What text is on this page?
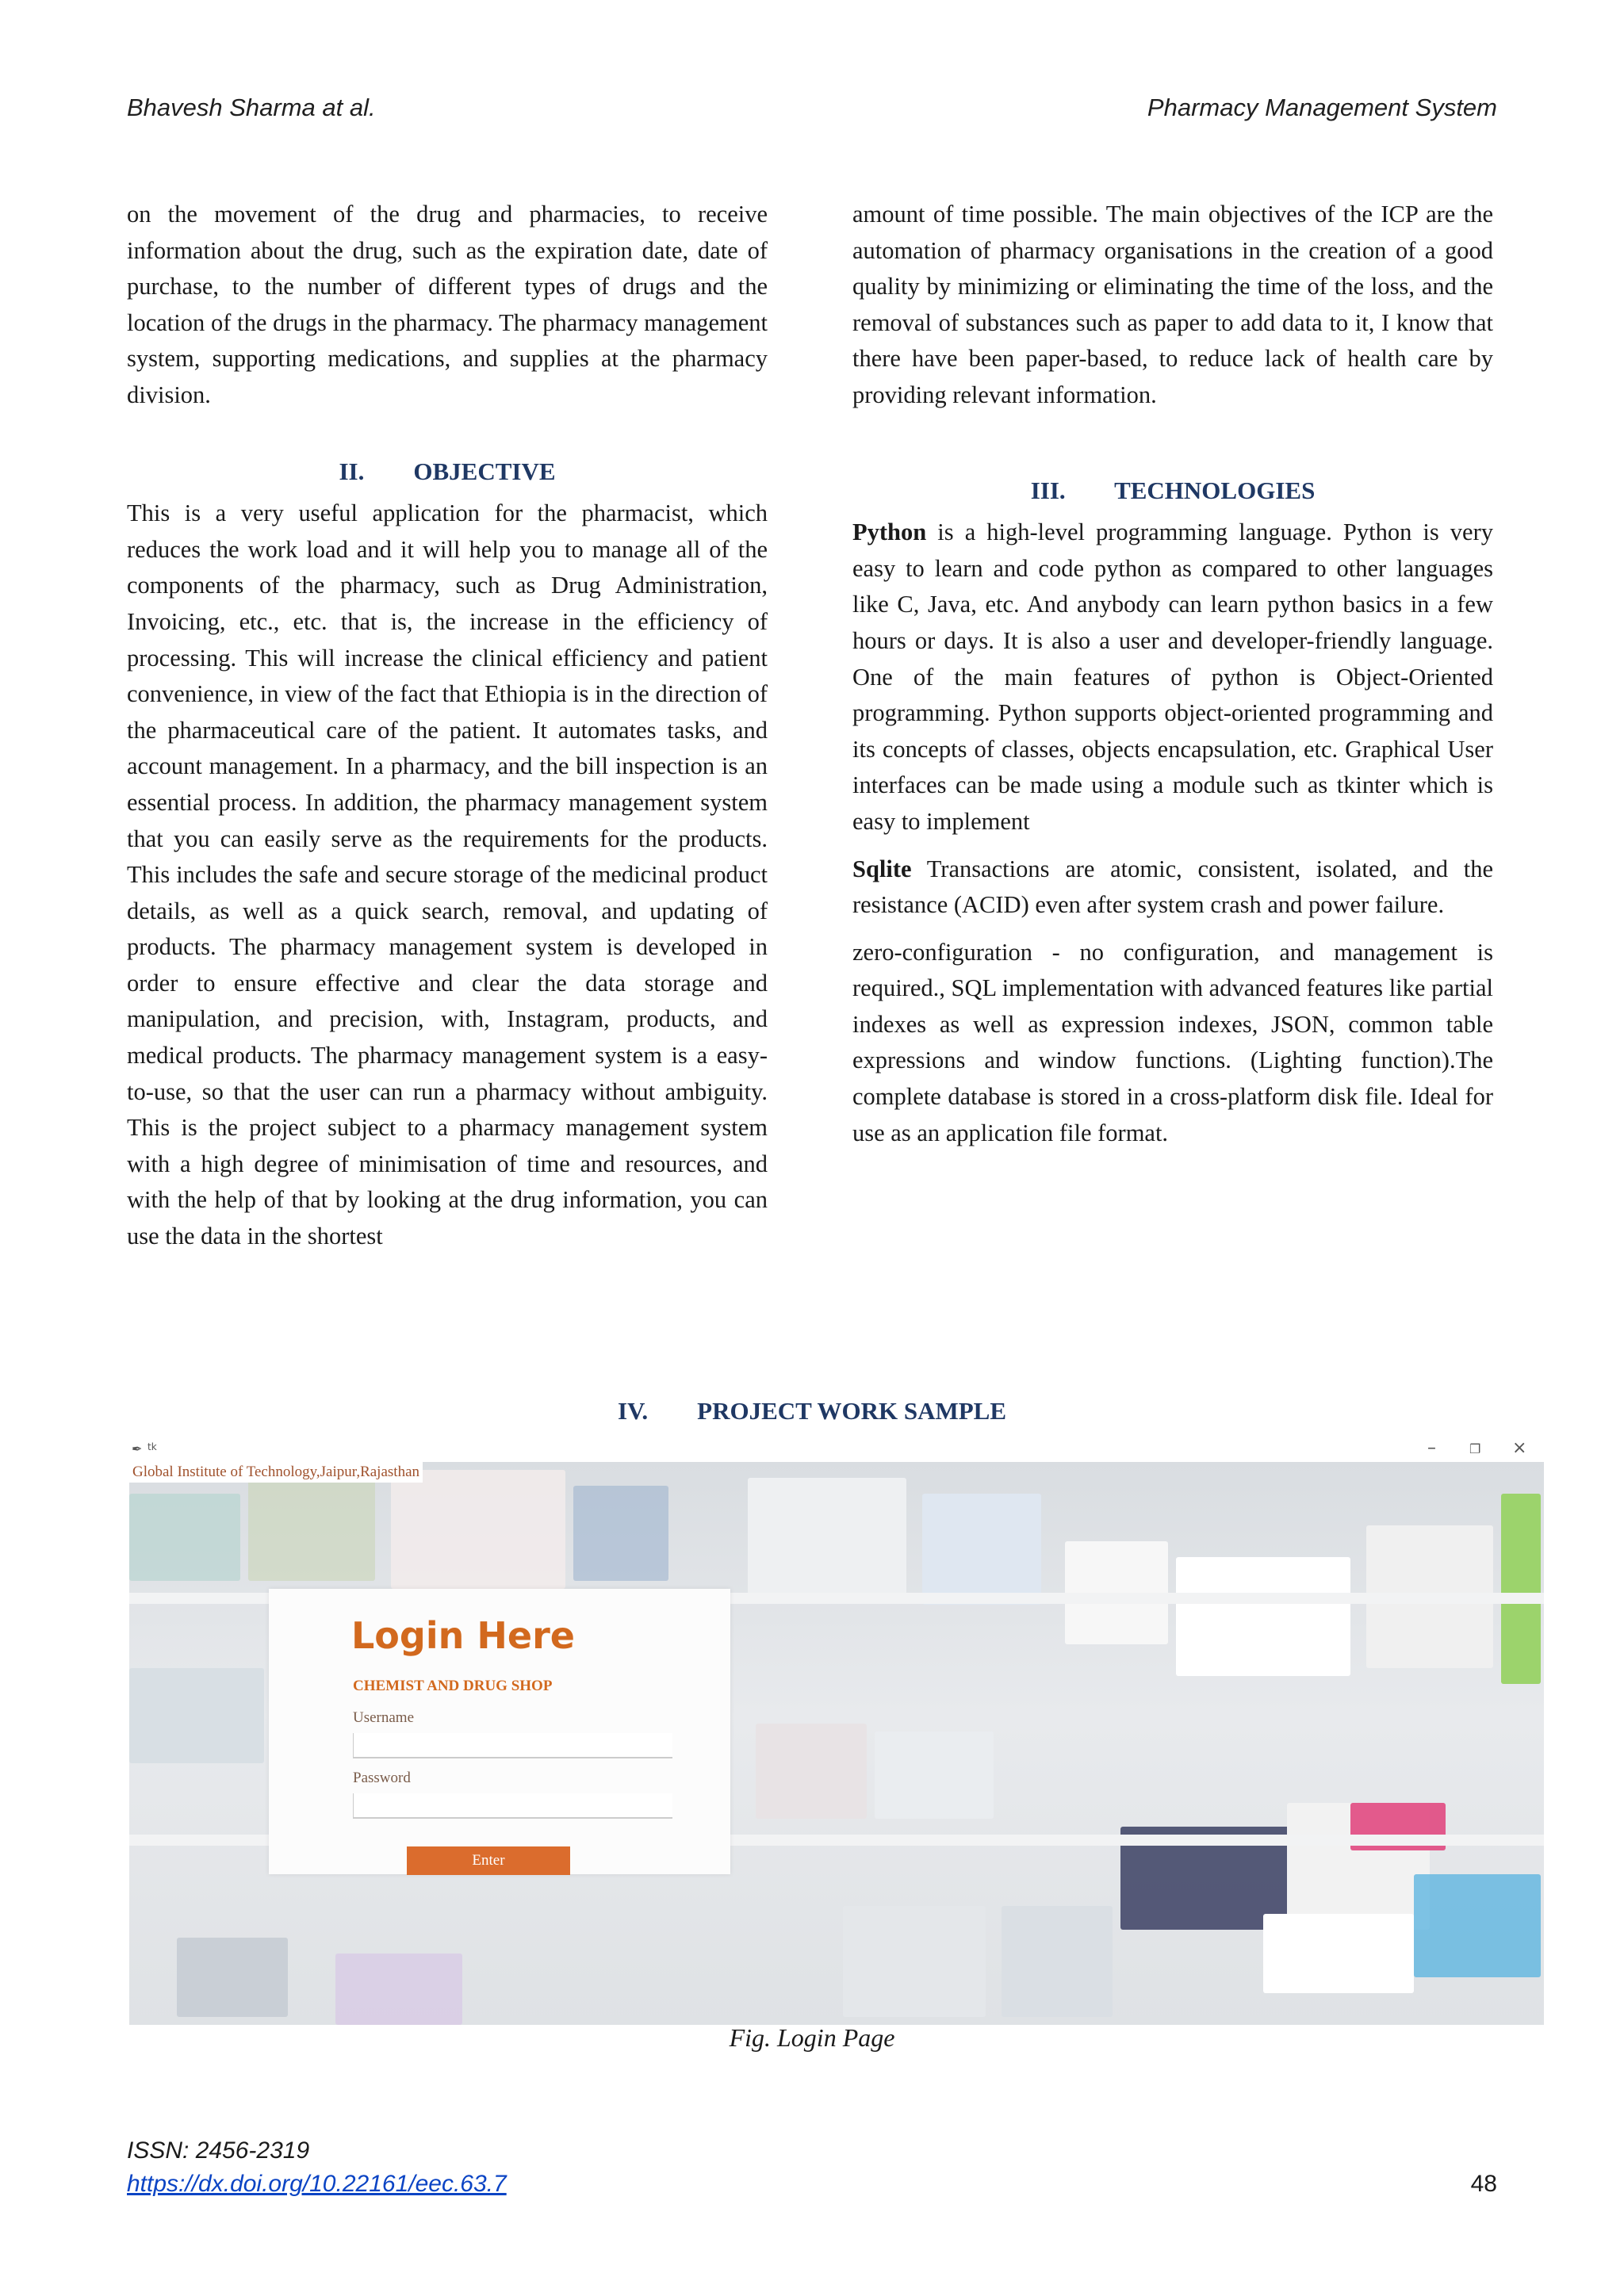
Bhavesh Sharma at al.	Pharmacy Management System

on the movement of the drug and pharmacies, to receive information about the drug, such as the expiration date, date of purchase, to the number of different types of drugs and the location of the drugs in the pharmacy. The pharmacy management system, supporting medications, and supplies at the pharmacy division.

II.        OBJECTIVE

This is a very useful application for the pharmacist, which reduces the work load and it will help you to manage all of the components of the pharmacy, such as Drug Administration, Invoicing, etc., etc. that is, the increase in the efficiency of processing. This will increase the clinical efficiency and patient convenience, in view of the fact that Ethiopia is in the direction of the pharmaceutical care of the patient. It automates tasks, and account management. In a pharmacy, and the bill inspection is an essential process. In addition, the pharmacy management system that you can easily serve as the requirements for the products. This includes the safe and secure storage of the medicinal product details, as well as a quick search, removal, and updating of products. The pharmacy management system is developed in order to ensure effective and clear the data storage and manipulation, and precision, with, Instagram, products, and medical products. The pharmacy management system is a easy-to-use, so that the user can run a pharmacy without ambiguity. This is the project subject to a pharmacy management system with a high degree of minimisation of time and resources, and with the help of that by looking at the drug information, you can use the data in the shortest

amount of time possible. The main objectives of the ICP are the automation of pharmacy organisations in the creation of a good quality by minimizing or eliminating the time of the loss, and the removal of substances such as paper to add data to it, I know that there have been paper-based, to reduce lack of health care by providing relevant information.

III.        TECHNOLOGIES

Python is a high-level programming language. Python is very easy to learn and code python as compared to other languages like C, Java, etc. And anybody can learn python basics in a few hours or days. It is also a user and developer-friendly language. One of the main features of python is Object-Oriented programming. Python supports object-oriented programming and its concepts of classes, objects encapsulation, etc. Graphical User interfaces can be made using a module such as tkinter which is easy to implement

Sqlite Transactions are atomic, consistent, isolated, and the resistance (ACID) even after system crash and power failure.

zero-configuration - no configuration, and management is required., SQL implementation with advanced features like partial indexes as well as expression indexes, JSON, common table expressions and window functions. (Lighting function).The complete database is stored in a cross-platform disk file. Ideal for use as an application file format.

IV.        PROJECT WORK SAMPLE
✒ tk	–	❐ ×
Global Institute of Technology,Jaipur,Rajasthan
Login Here
CHEMIST AND DRUG SHOP
Username
Password
Enter
Fig. Login Page
ISSN: 2456-2319
https://dx.doi.org/10.22161/eec.63.7	48
